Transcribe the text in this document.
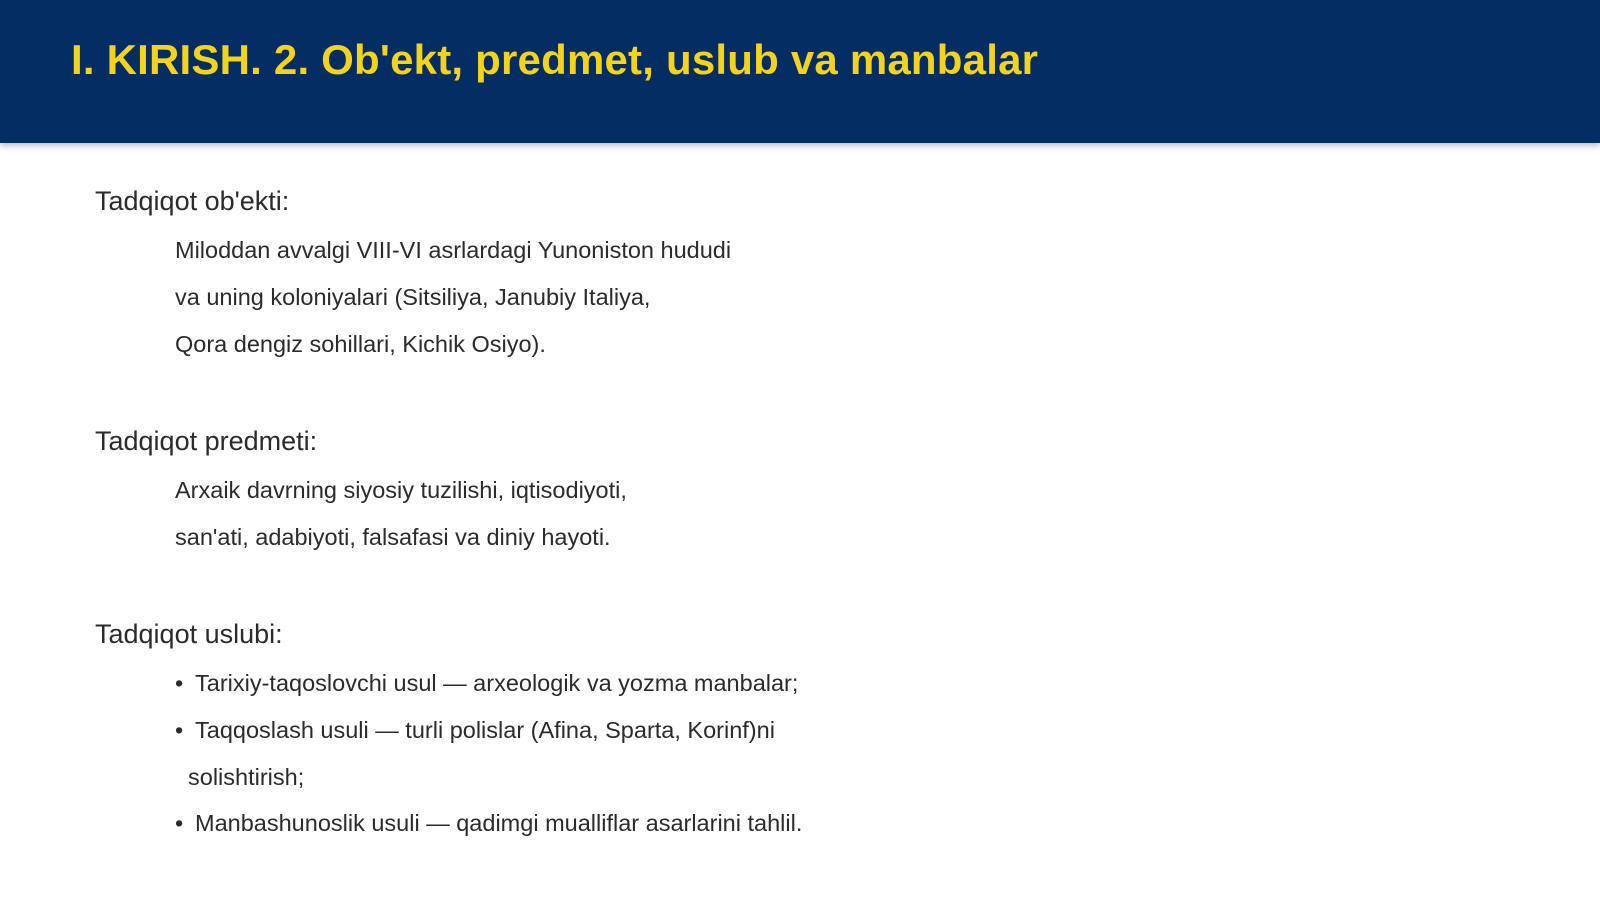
I. KIRISH. 2. Ob'ekt, predmet, uslub va manbalar
Tadqiqot ob'ekti:

Miloddan avvalgi VIII-VI asrlardagi Yunoniston hududi

va uning koloniyalari (Sitsiliya, Janubiy Italiya,

Qora dengiz sohillari, Kichik Osiyo).

Tadqiqot predmeti:

Arxaik davrning siyosiy tuzilishi, iqtisodiyoti,

san'ati, adabiyoti, falsafasi va diniy hayoti.

Tadqiqot uslubi:

• Tarixiy-taqoslovchi usul — arxeologik va yozma manbalar;

• Taqqoslash usuli — turli polislar (Afina, Sparta, Korinf)ni

solishtirish;

• Manbashunoslik usuli — qadimgi mualliflar asarlarini tahlil.
